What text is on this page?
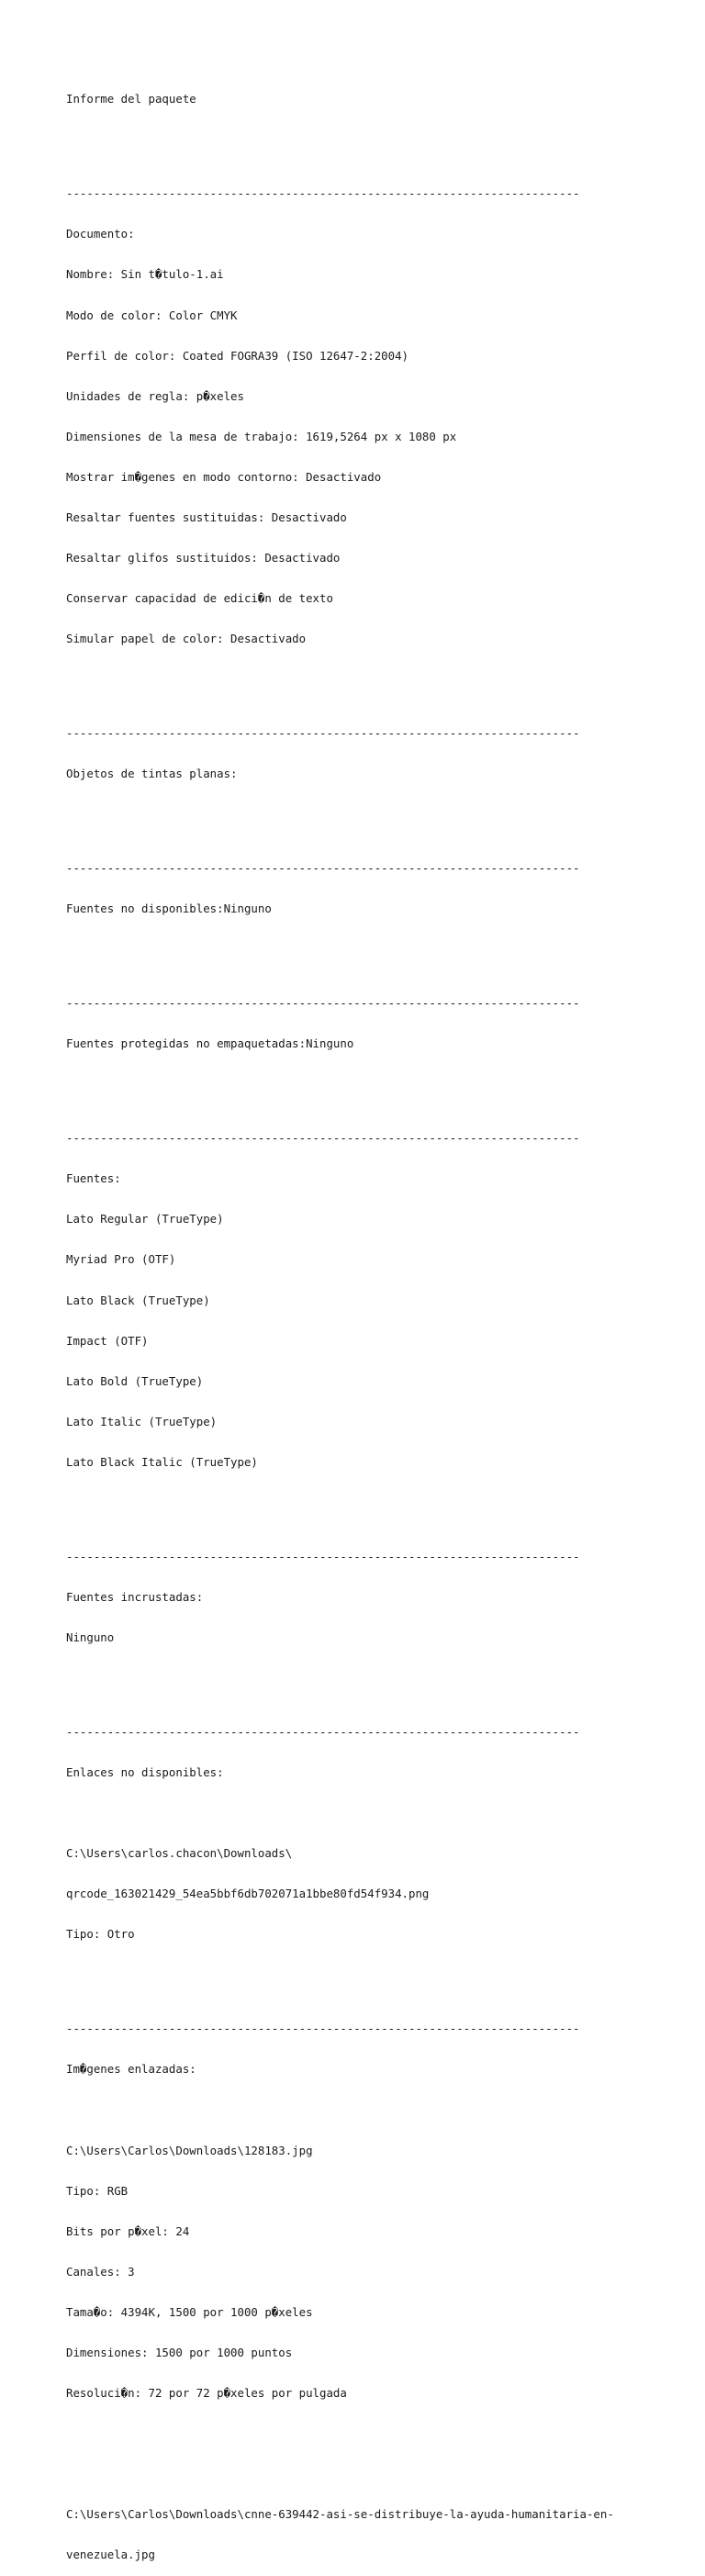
Informe del paquete

---------------------------------------------------------------------------

Documento:

Nombre: Sin t�tulo-1.ai

Modo de color: Color CMYK

Perfil de color: Coated FOGRA39 (ISO 12647-2:2004)

Unidades de regla: p�xeles

Dimensiones de la mesa de trabajo: 1619,5264 px x 1080 px

Mostrar im�genes en modo contorno: Desactivado

Resaltar fuentes sustituidas: Desactivado

Resaltar glifos sustituidos: Desactivado

Conservar capacidad de edici�n de texto

Simular papel de color: Desactivado

---------------------------------------------------------------------------

Objetos de tintas planas:

---------------------------------------------------------------------------

Fuentes no disponibles:Ninguno

---------------------------------------------------------------------------

Fuentes protegidas no empaquetadas:Ninguno

---------------------------------------------------------------------------

Fuentes:

Lato Regular (TrueType)

Myriad Pro (OTF)

Lato Black (TrueType)

Impact (OTF)

Lato Bold (TrueType)

Lato Italic (TrueType)

Lato Black Italic (TrueType)

---------------------------------------------------------------------------

Fuentes incrustadas:

Ninguno

---------------------------------------------------------------------------

Enlaces no disponibles:

C:\Users\carlos.chacon\Downloads\

qrcode_163021429_54ea5bbf6db702071a1bbe80fd54f934.png

Tipo: Otro

---------------------------------------------------------------------------

Im�genes enlazadas:

C:\Users\Carlos\Downloads\128183.jpg

Tipo: RGB

Bits por p�xel: 24

Canales: 3

Tama�o: 4394K, 1500 por 1000 p�xeles

Dimensiones: 1500 por 1000 puntos

Resoluci�n: 72 por 72 p�xeles por pulgada

C:\Users\Carlos\Downloads\cnne-639442-asi-se-distribuye-la-ayuda-humanitaria-en-

venezuela.jpg
